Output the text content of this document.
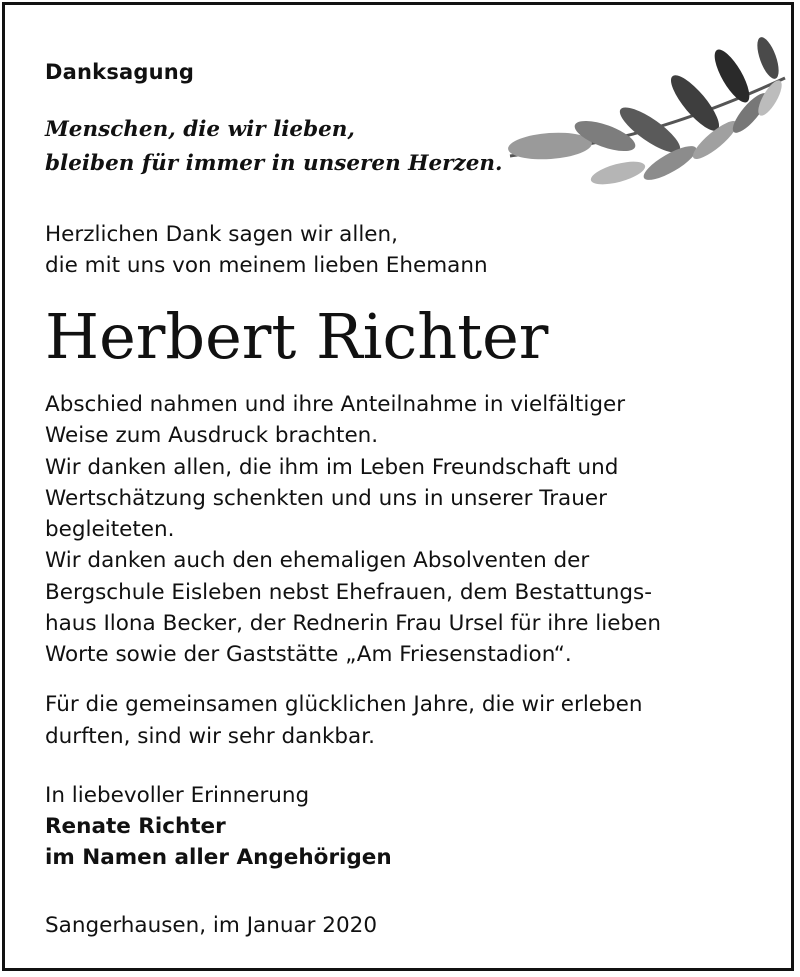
Danksagung
Menschen, die wir lieben,
bleiben für immer in unseren Herzen.
Herzlichen Dank sagen wir allen,
die mit uns von meinem lieben Ehemann
Herbert Richter
Abschied nahmen und ihre Anteilnahme in vielfältiger
Weise zum Ausdruck brachten.
Wir danken allen, die ihm im Leben Freundschaft und
Wertschätzung schenkten und uns in unserer Trauer
begleiteten.
Wir danken auch den ehemaligen Absolventen der
Bergschule Eisleben nebst Ehefrauen, dem Bestattungs-
haus Ilona Becker, der Rednerin Frau Ursel für ihre lieben
Worte sowie der Gaststätte „Am Friesenstadion“.
Für die gemeinsamen glücklichen Jahre, die wir erleben
durften, sind wir sehr dankbar.
In liebevoller Erinnerung
Renate Richter
im Namen aller Angehörigen
Sangerhausen, im Januar 2020
